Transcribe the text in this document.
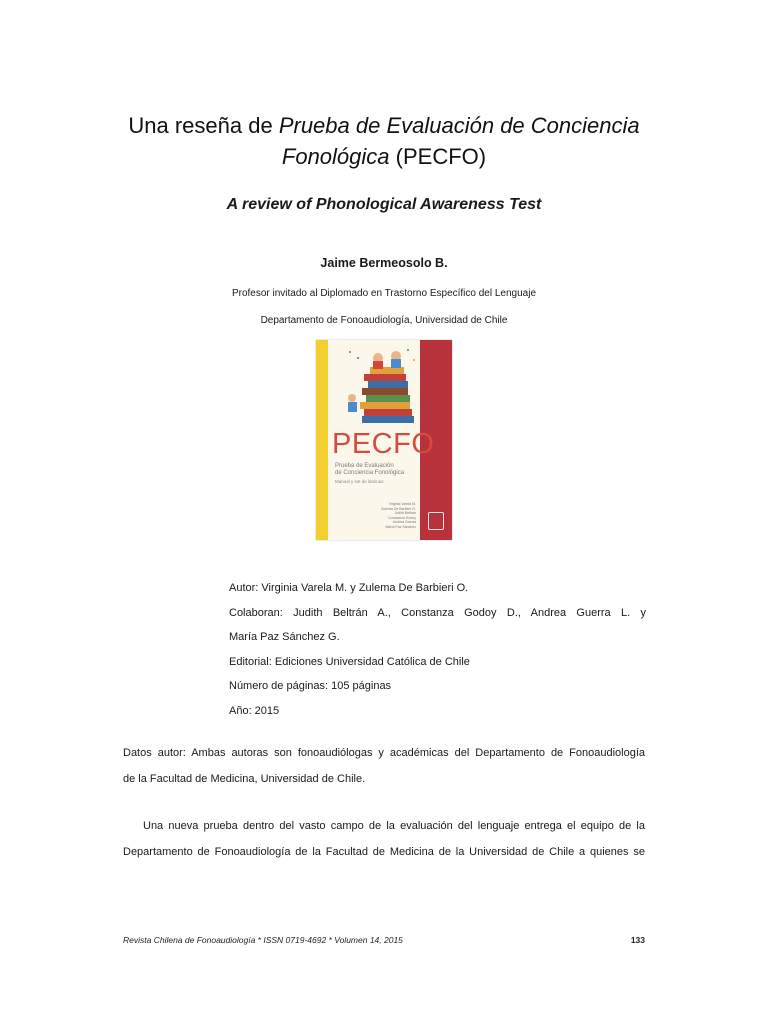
Una reseña de Prueba de Evaluación de Conciencia
Fonológica (PECFO)
A review of Phonological Awareness Test
Jaime Bermeosolo B.
Profesor invitado al Diplomado en Trastorno Específico del Lenguaje
Departamento de Fonoaudiología, Universidad de Chile
PECFO
Prueba de Evaluación
de Conciencia Fonológica
Manual y set de láminas
Virginia Varela M.
Zulema De Barbieri O.
Judith Beltrán
Constanza Godoy
Andrea Guerra
María Paz Sánchez
Autor: Virginia Varela M. y Zulema De Barbieri O.
Colaboran: Judith Beltrán A., Constanza Godoy D., Andrea Guerra L. y
María Paz Sánchez G.
Editorial: Ediciones Universidad Católica de Chile
Número de páginas: 105 páginas
Año: 2015
Datos autor: Ambas autoras son fonoaudiólogas y académicas del Departamento de Fonoaudiología
de la Facultad de Medicina, Universidad de Chile.
Una nueva prueba dentro del vasto campo de la evaluación del lenguaje entrega el equipo de la
Departamento de Fonoaudiología de la Facultad de Medicina de la Universidad de Chile a quienes se
Revista Chilena de Fonoaudiología * ISSN 0719-4692 * Volumen 14, 2015	133
